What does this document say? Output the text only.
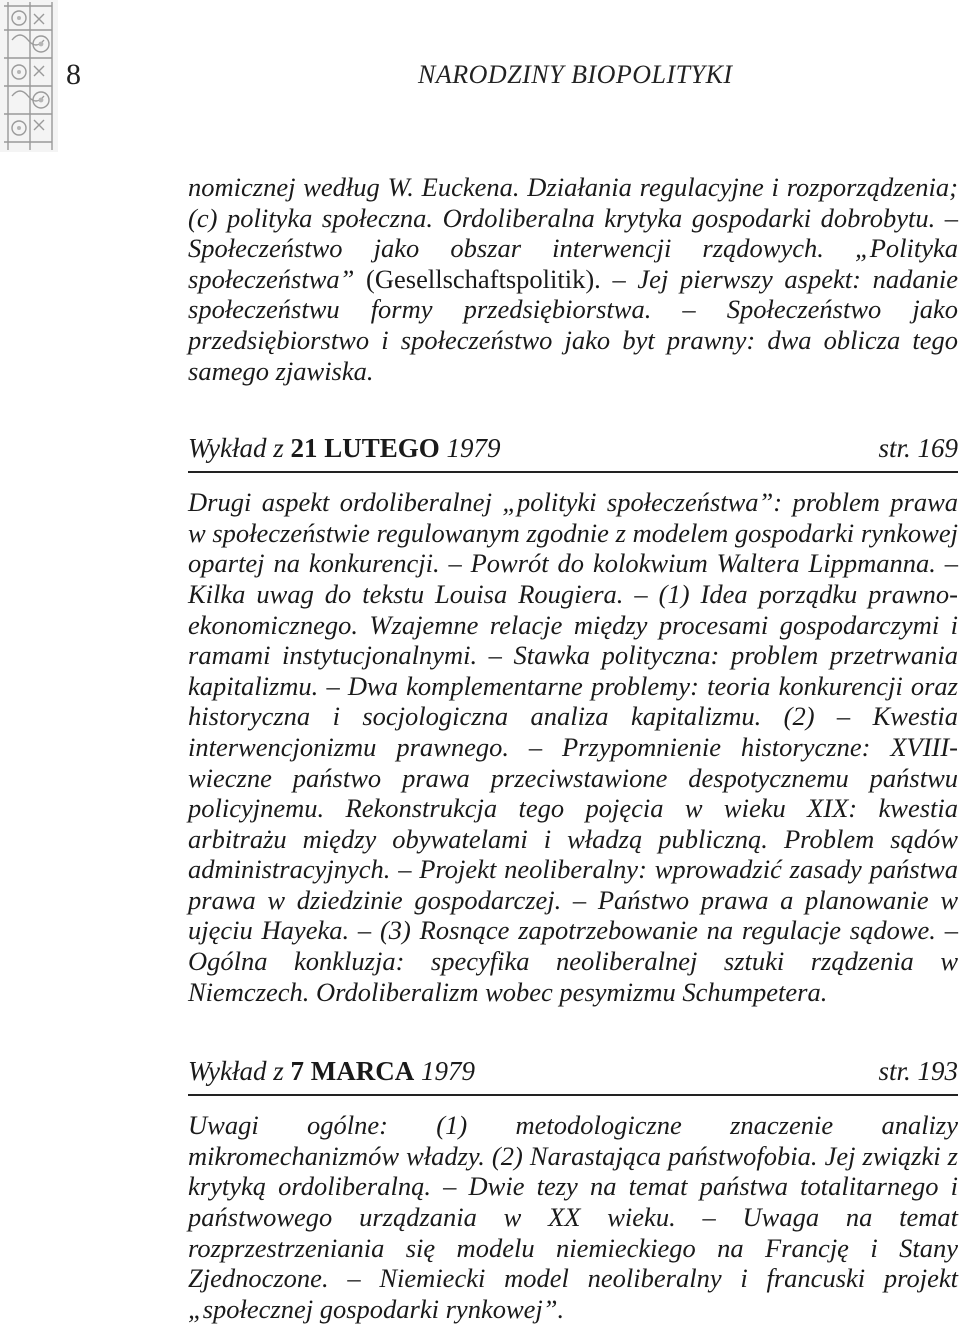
8	NARODZINY BIOPOLITYKI

nomicznej według W. Euckena. Działania regulacyjne i rozporządzenia; (c) polityka społeczna. Ordoliberalna krytyka gospodarki dobrobytu. – Społeczeństwo jako obszar interwencji rządowych. „Polityka społeczeństwa” (Gesellschaftspolitik). – Jej pierwszy aspekt: nadanie społeczeństwu formy przedsiębiorstwa. – Społeczeństwo jako przedsiębiorstwo i społeczeństwo jako byt prawny: dwa oblicza tego samego zjawiska.

Wykład z 21 LUTEGO 1979	str. 169

Drugi aspekt ordoliberalnej „polityki społeczeństwa”: problem prawa w społeczeństwie regulowanym zgodnie z modelem gospodarki rynkowej opartej na konkurencji. – Powrót do kolokwium Waltera Lippmanna. – Kilka uwag do tekstu Louisa Rougiera. – (1) Idea porządku prawno-ekonomicznego. Wzajemne relacje między procesami gospodarczymi i ramami instytucjonalnymi. – Stawka polityczna: problem przetrwania kapitalizmu. – Dwa komplementarne problemy: teoria konkurencji oraz historyczna i socjologiczna analiza kapitalizmu. (2) – Kwestia interwencjonizmu prawnego. – Przypomnienie historyczne: XVIII-wieczne państwo prawa przeciwstawione despotycznemu państwu policyjnemu. Rekonstrukcja tego pojęcia w wieku XIX: kwestia arbitrażu między obywatelami i władzą publiczną. Problem sądów administracyjnych. – Projekt neoliberalny: wprowadzić zasady państwa prawa w dziedzinie gospodarczej. – Państwo prawa a planowanie w ujęciu Hayeka. – (3) Rosnące zapotrzebowanie na regulacje sądowe. – Ogólna konkluzja: specyfika neoliberalnej sztuki rządzenia w Niemczech. Ordoliberalizm wobec pesymizmu Schumpetera.

Wykład z 7 MARCA 1979	str. 193

Uwagi ogólne: (1) metodologiczne znaczenie analizy mikromechanizmów władzy. (2) Narastająca państwofobia. Jej związki z krytyką ordoliberalną. – Dwie tezy na temat państwa totalitarnego i państwowego urządzania w XX wieku. – Uwaga na temat rozprzestrzeniania się modelu niemieckiego na Francję i Stany Zjednoczone. – Niemiecki model neoliberalny i francuski projekt „społecznej gospodarki rynkowej”.
